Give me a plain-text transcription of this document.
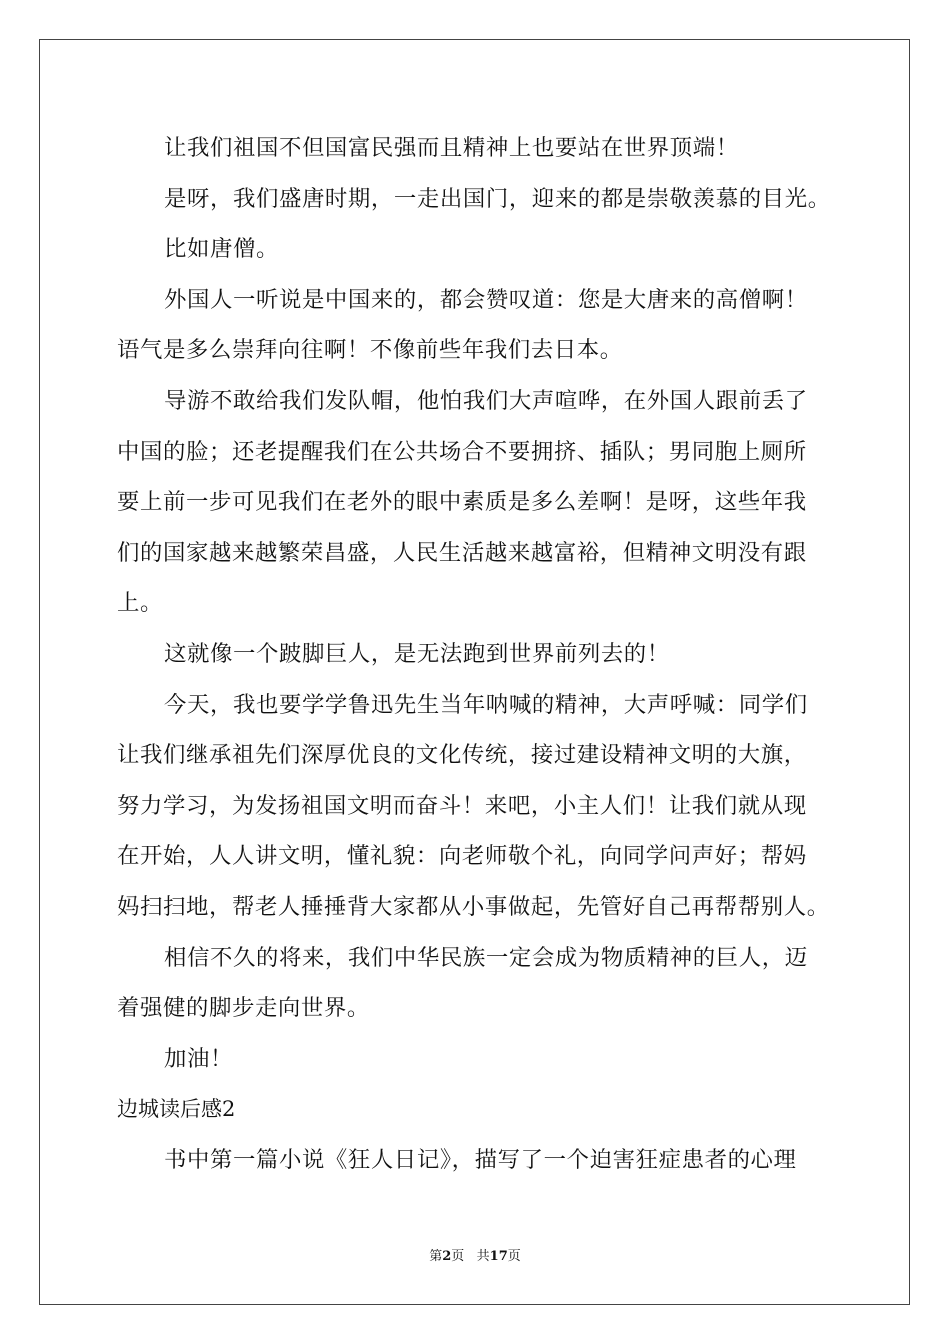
让我们祖国不但国富民强而且精神上也要站在世界顶端！
是呀，我们盛唐时期，一走出国门，迎来的都是崇敬羡慕的目光。
比如唐僧。
外国人一听说是中国来的，都会赞叹道：您是大唐来的高僧啊！
语气是多么崇拜向往啊！不像前些年我们去日本。
导游不敢给我们发队帽，他怕我们大声喧哗，在外国人跟前丢了
中国的脸；还老提醒我们在公共场合不要拥挤、插队；男同胞上厕所
要上前一步可见我们在老外的眼中素质是多么差啊！是呀，这些年我
们的国家越来越繁荣昌盛，人民生活越来越富裕，但精神文明没有跟
上。
这就像一个跛脚巨人，是无法跑到世界前列去的！
今天，我也要学学鲁迅先生当年呐喊的精神，大声呼喊：同学们
让我们继承祖先们深厚优良的文化传统，接过建设精神文明的大旗，
努力学习，为发扬祖国文明而奋斗！来吧，小主人们！让我们就从现
在开始，人人讲文明，懂礼貌：向老师敬个礼，向同学问声好；帮妈
妈扫扫地，帮老人捶捶背大家都从小事做起，先管好自己再帮帮别人。
相信不久的将来，我们中华民族一定会成为物质精神的巨人，迈
着强健的脚步走向世界。
加油！
边城读后感2
书中第一篇小说《狂人日记》，描写了一个迫害狂症患者的心理
第2页   共17页
